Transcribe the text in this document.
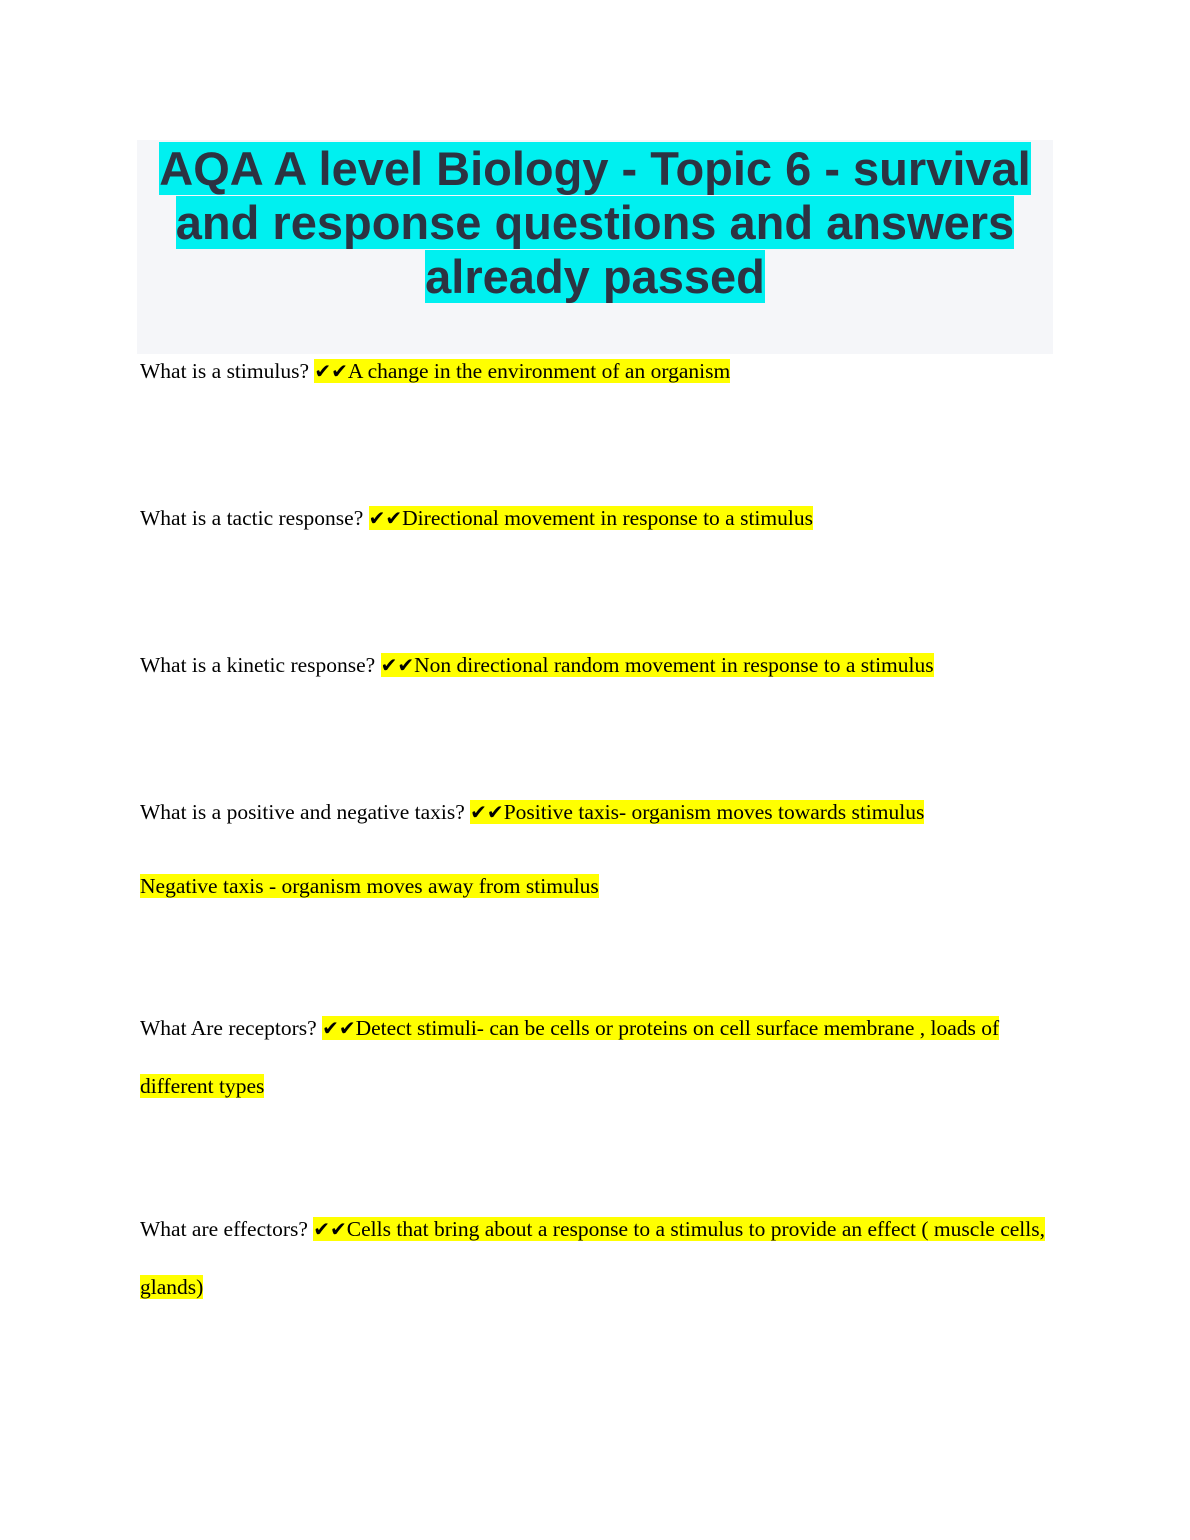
AQA A level Biology - Topic 6 - survival and response questions and answers already passed
What is a stimulus? ✔✔A change in the environment of an organism
What is a tactic response? ✔✔Directional movement in response to a stimulus
What is a kinetic response? ✔✔Non directional random movement in response to a stimulus
What is a positive and negative taxis? ✔✔Positive taxis- organism moves towards stimulus
Negative taxis - organism moves away from stimulus
What Are receptors? ✔✔Detect stimuli- can be cells or proteins on cell surface membrane , loads of different types
What are effectors? ✔✔Cells that bring about a response to a stimulus to provide an effect ( muscle cells, glands)
